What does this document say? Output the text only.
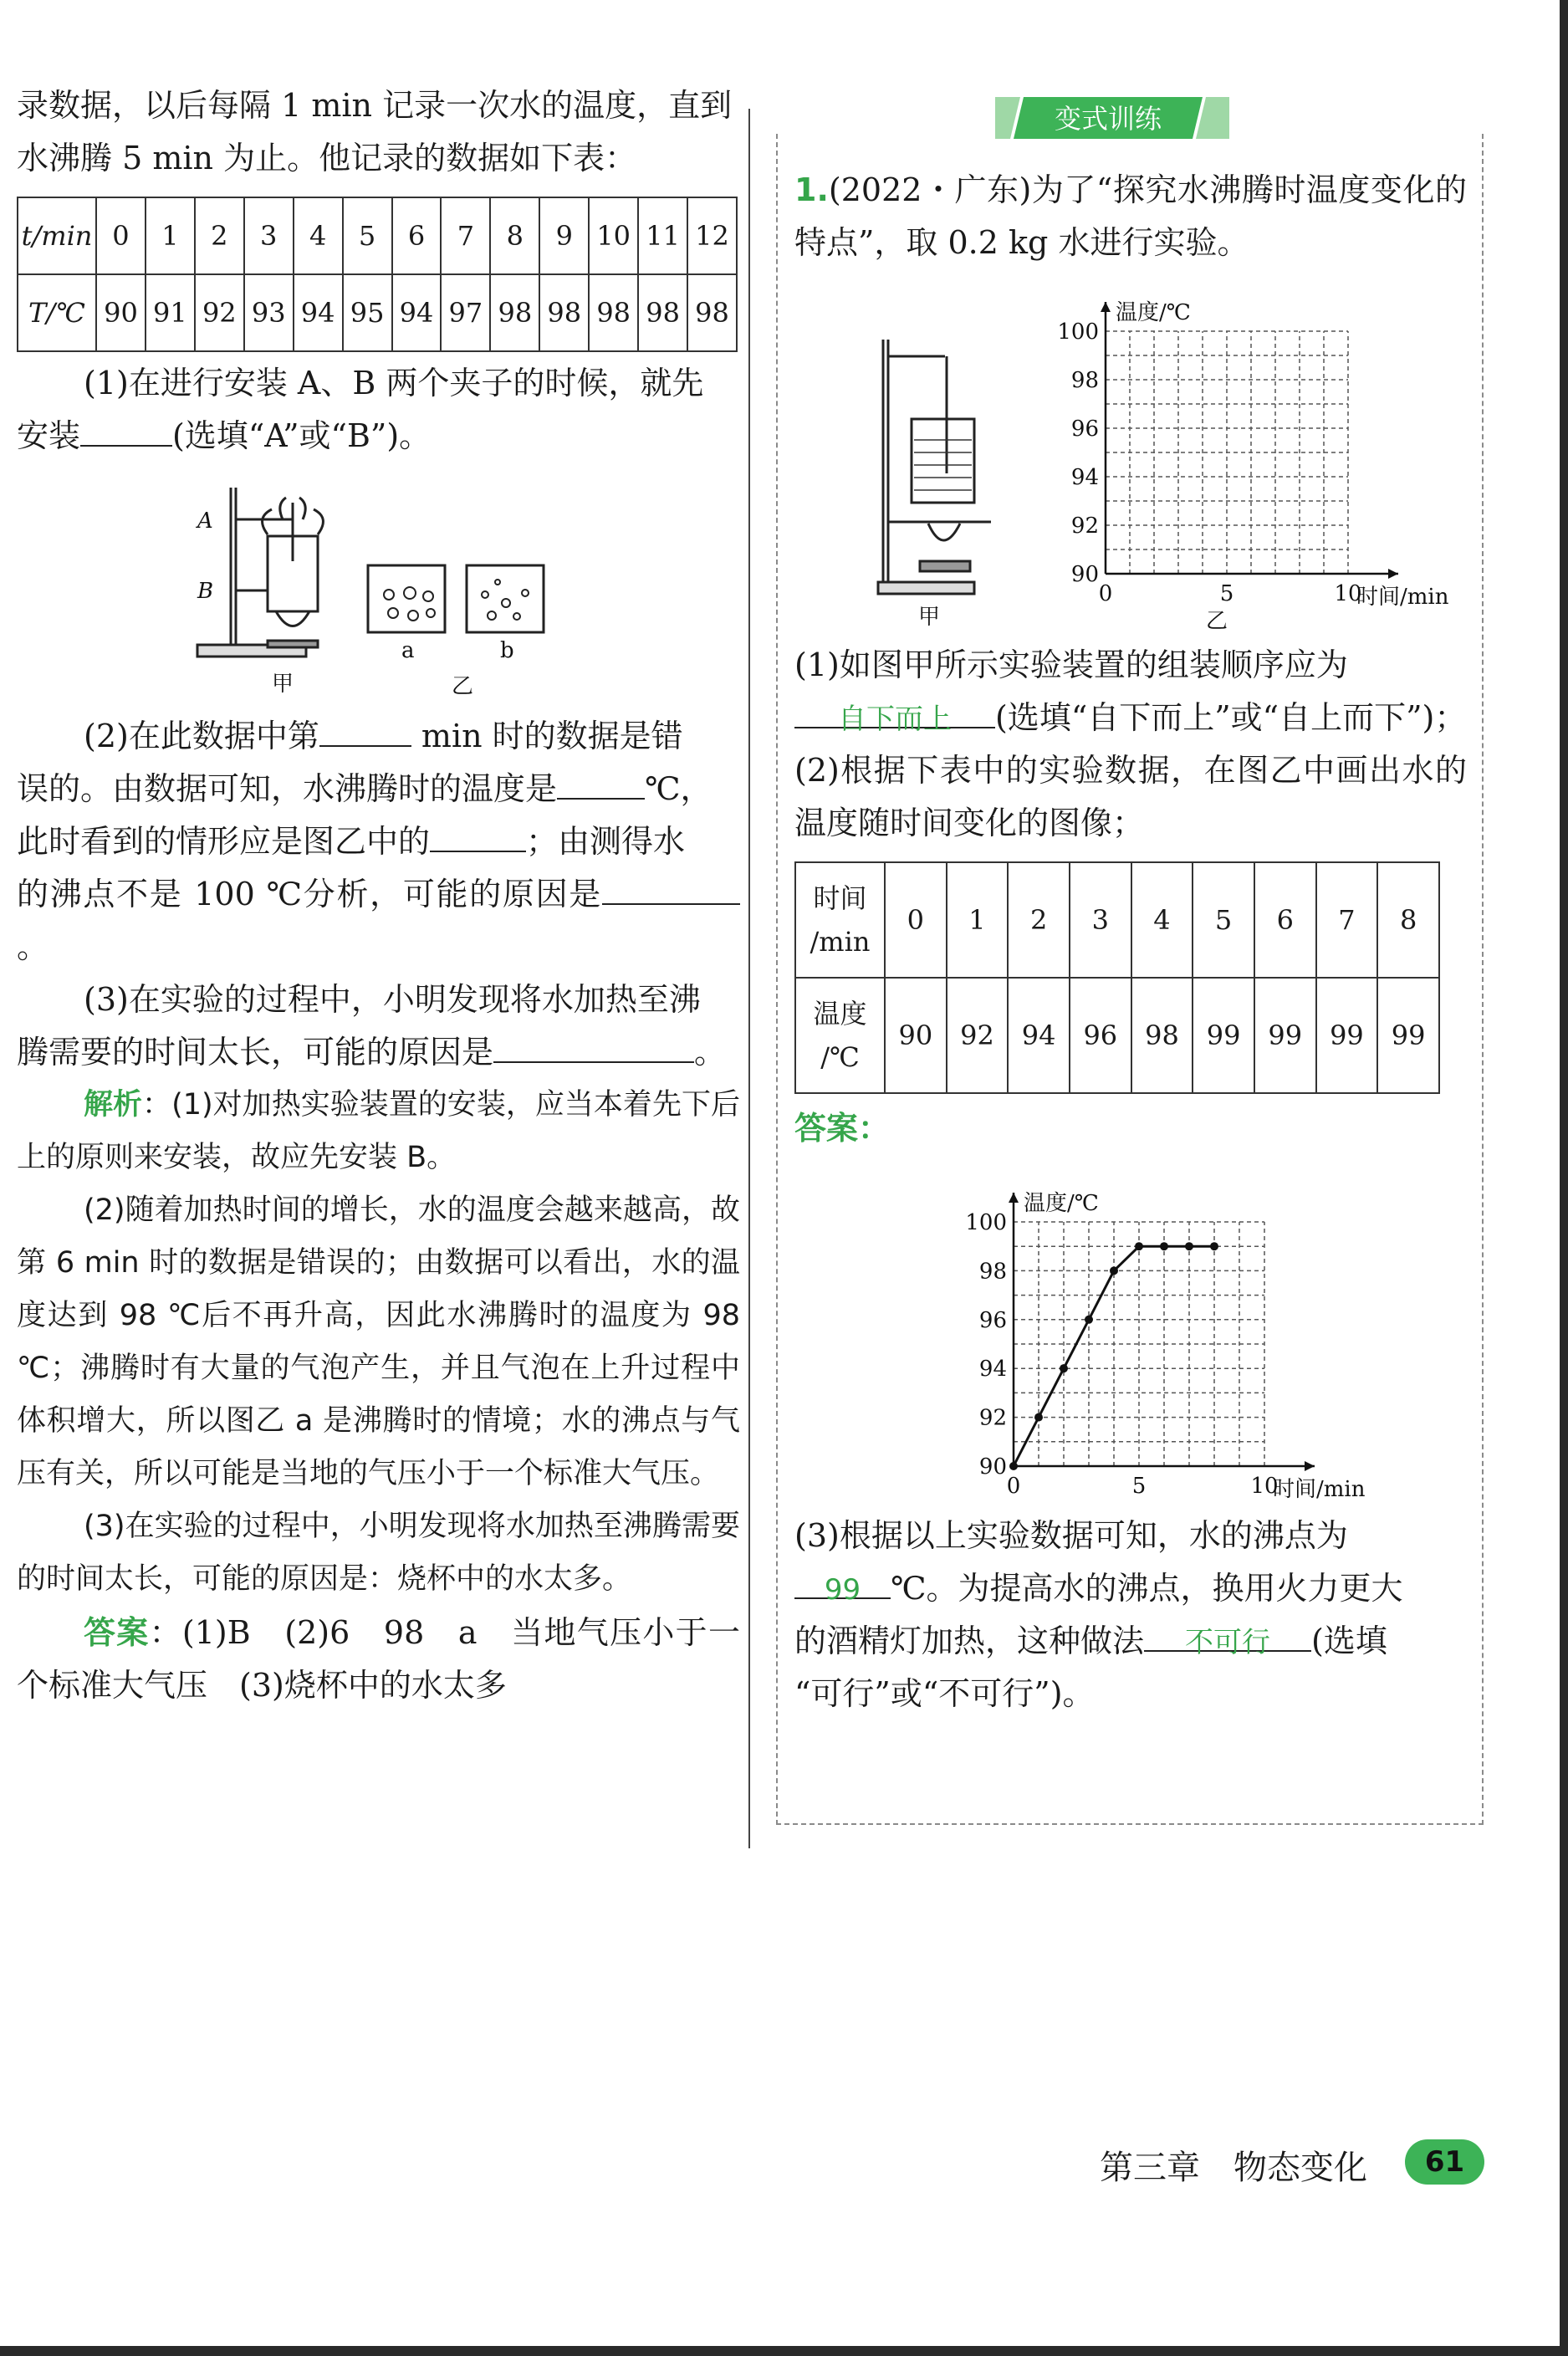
录数据，以后每隔 1 min 记录一次水的温度，直到

水沸腾 5 min 为止。他记录的数据如下表：

t/min	0	1	2	3	4	5	6	7	8	9	10	11	12
T/℃	90	91	92	93	94	95	94	97	98	98	98	98	98

(1)在进行安装 A、B 两个夹子的时候，就先

安装	(选填“A”或“B”)。

A
B
a	b
甲	乙

(2)在此数据中第	min 时的数据是错

误的。由数据可知，水沸腾时的温度是	℃，

此时看到的情形应是图乙中的	；由测得水

的沸点不是 100 ℃分析，可能的原因是。

(3)在实验的过程中，小明发现将水加热至沸

腾需要的时间太长，可能的原因是	。

解析：(1)对加热实验装置的安装，应当本着先下后上的原则来安装，故应先安装 B。

(2)随着加热时间的增长，水的温度会越来越高，故第 6 min 时的数据是错误的；由数据可以看出，水的温度达到 98 ℃后不再升高，因此水沸腾时的温度为 98 ℃；沸腾时有大量的气泡产生，并且气泡在上升过程中体积增大，所以图乙 a 是沸腾时的情境；水的沸点与气压有关，所以可能是当地的气压小于一个标准大气压。

(3)在实验的过程中，小明发现将水加热至沸腾需要的时间太长，可能的原因是：烧杯中的水太多。

答案：(1)B　(2)6　98　a　当地气压小于一个标准大气压　(3)烧杯中的水太多

变式训练

1.(2022・广东)为了“探究水沸腾时温度变化的特点”，取 0.2 kg 水进行实验。

甲
90
92
94
96
98
100
0	5	10
温度/℃
时间/min
乙

(1)如图甲所示实验装置的组装顺序应为

自下而上 (选填“自下而上”或“自上而下”)；

(2)根据下表中的实验数据，在图乙中画出水的温度随时间变化的图像；

时间
/min	0	1	2	3	4	5	6	7	8
温度
/℃	90	92	94	96	98	99	99	99	99

答案：

90
92
94
96
98
100
0	5	10
温度/℃
时间/min

(3)根据以上实验数据可知，水的沸点为

99 ℃。为提高水的沸点，换用火力更大

的酒精灯加热，这种做法 不可行 (选填

“可行”或“不可行”)。

第三章　物态变化	61
